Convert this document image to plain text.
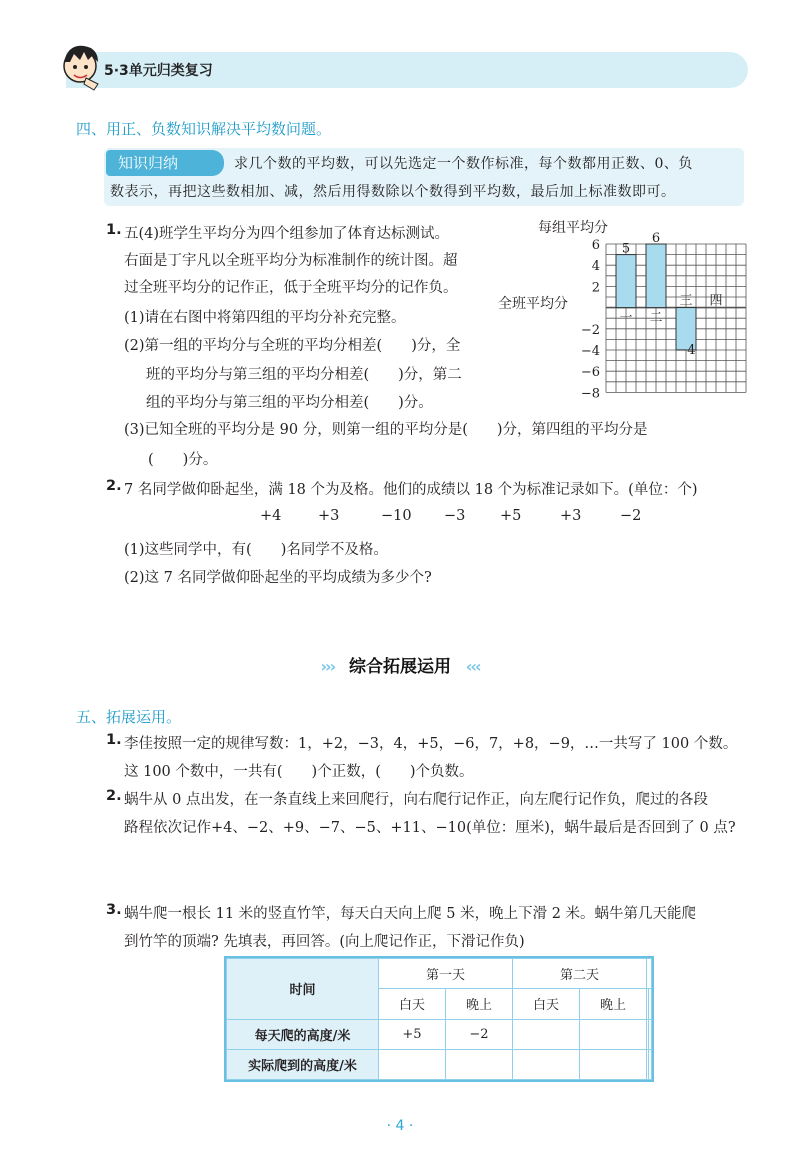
5·3单元归类复习
四、用正、负数知识解决平均数问题。
知识归纳	求几个数的平均数，可以先选定一个数作标准，每个数都用正数、0、负
数表示，再把这些数相加、减，然后用得数除以个数得到平均数，最后加上标准数即可。
1. 五(4)班学生平均分为四个组参加了体育达标测试。
右面是丁宇凡以全班平均分为标准制作的统计图。超
过全班平均分的记作正，低于全班平均分的记作负。
(1)请在右图中将第四组的平均分补充完整。
(2)第一组的平均分与全班的平均分相差(　　)分，全
班的平均分与第三组的平均分相差(　　)分，第二
组的平均分与第三组的平均分相差(　　)分。
(3)已知全班的平均分是 90 分，则第一组的平均分是(　　)分，第四组的平均分是
(　　)分。
每组平均分
全班平均分
6
4
2
−2
−4
−6
−8
5
6
−4
一 二
三 四
2. 7 名同学做仰卧起坐，满 18 个为及格。他们的成绩以 18 个为标准记录如下。(单位：个)
+4	+3	−10 −3 +5	+3	−2
(1)这些同学中，有(　　)名同学不及格。
(2)这 7 名同学做仰卧起坐的平均成绩为多少个?
››› 综合拓展运用 ‹‹‹
五、拓展运用。
1. 李佳按照一定的规律写数：1，+2，−3，4，+5，−6，7，+8，−9，…一共写了 100 个数。
这 100 个数中，一共有(　　)个正数，(　　)个负数。
2. 蜗牛从 0 点出发，在一条直线上来回爬行，向右爬行记作正，向左爬行记作负，爬过的各段
路程依次记作+4、−2、+9、−7、−5、+11、−10(单位：厘米)，蜗牛最后是否回到了 0 点?
3. 蜗牛爬一根长 11 米的竖直竹竿，每天白天向上爬 5 米，晚上下滑 2 米。蜗牛第几天能爬
到竹竿的顶端? 先填表，再回答。(向上爬记作正，下滑记作负)
时间	第一天		第二天			
	白天	晚上	白天	晚上		
每天爬的高度/米	+5	−2				
实际爬到的高度/米						
· 4 ·
